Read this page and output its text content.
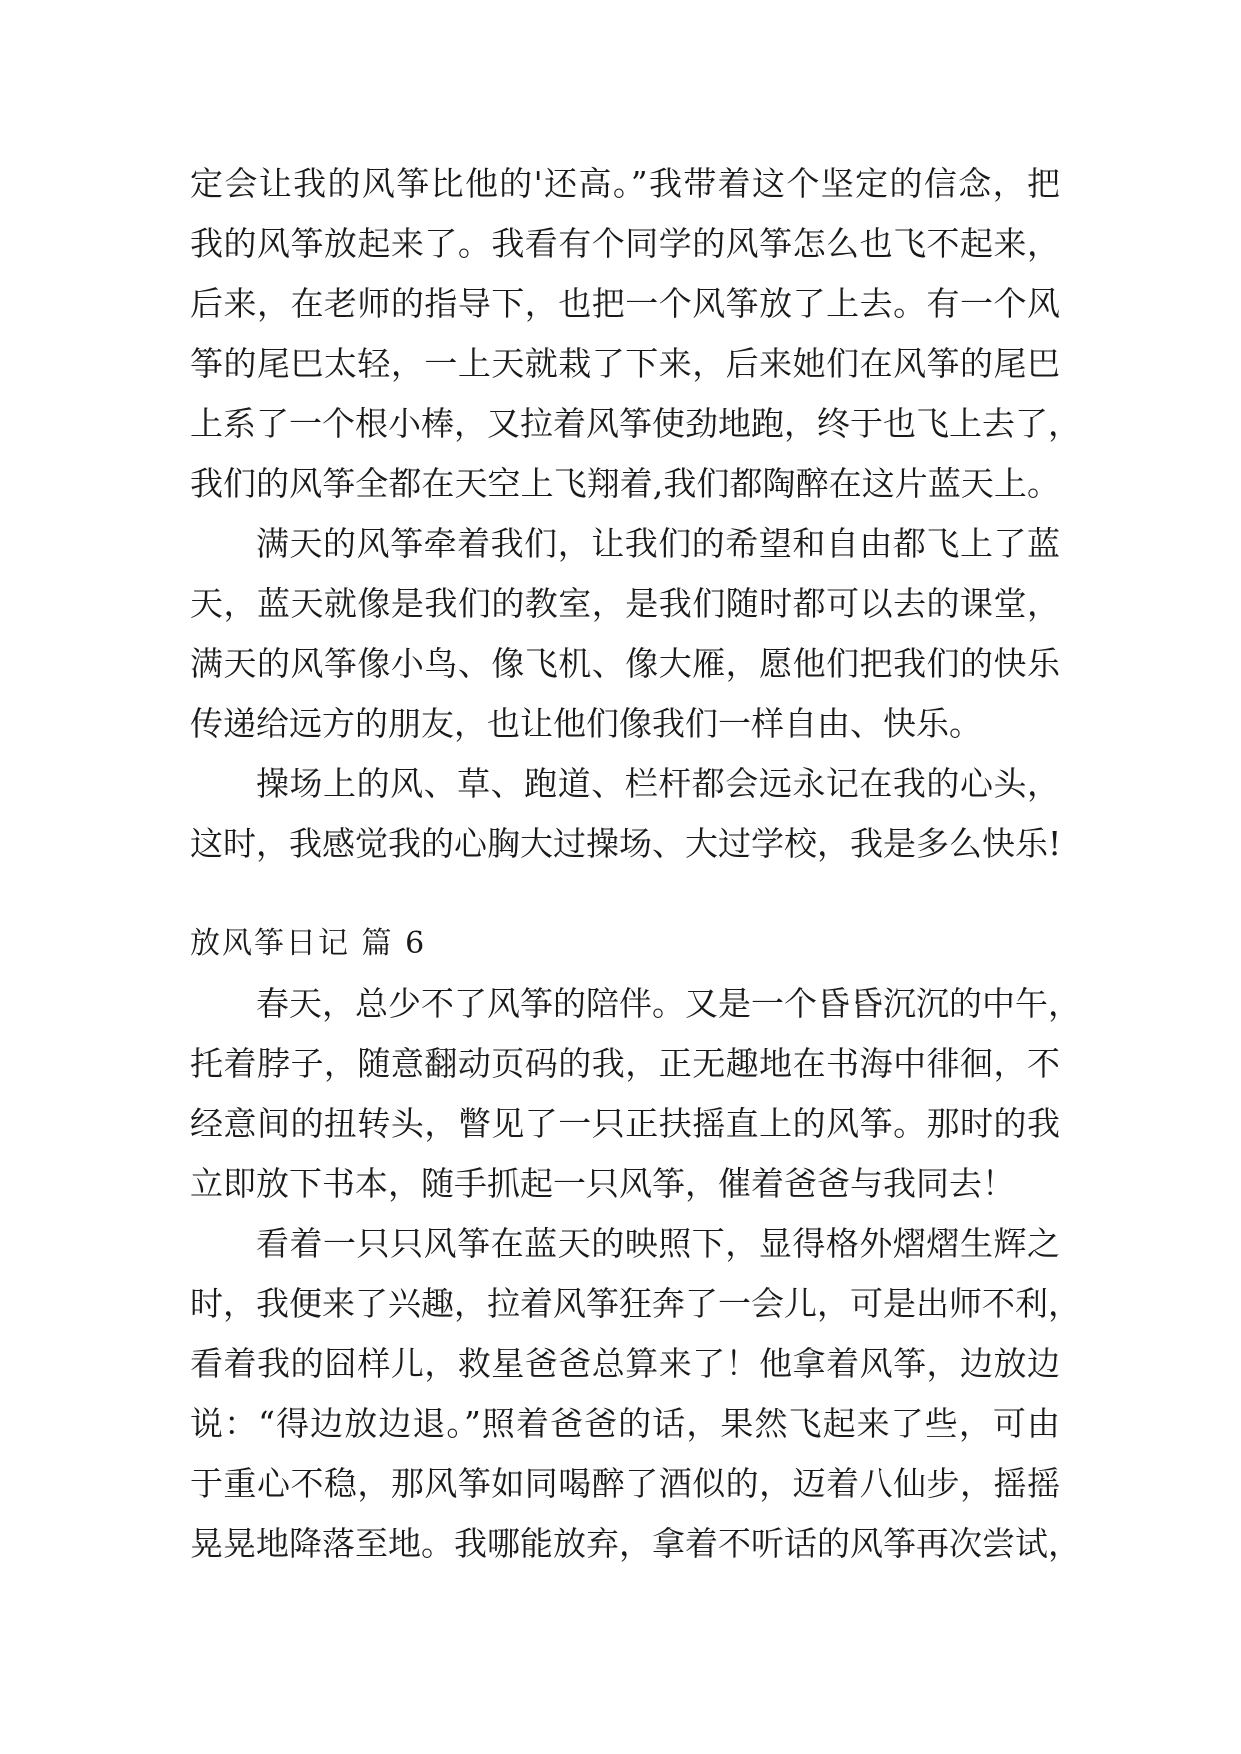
定会让我的风筝比他的'还高。”我带着这个坚定的信念，把
我的风筝放起来了。我看有个同学的风筝怎么也飞不起来，
后来，在老师的指导下，也把一个风筝放了上去。有一个风
筝的尾巴太轻，一上天就栽了下来，后来她们在风筝的尾巴
上系了一个根小棒，又拉着风筝使劲地跑，终于也飞上去了，
我们的风筝全都在天空上飞翔着,我们都陶醉在这片蓝天上。
满天的风筝牵着我们，让我们的希望和自由都飞上了蓝
天，蓝天就像是我们的教室，是我们随时都可以去的课堂，
满天的风筝像小鸟、像飞机、像大雁，愿他们把我们的快乐
传递给远方的朋友，也让他们像我们一样自由、快乐。
操场上的风、草、跑道、栏杆都会远永记在我的心头，
这时，我感觉我的心胸大过操场、大过学校，我是多么快乐!
放风筝日记 篇 6
春天，总少不了风筝的陪伴。又是一个昏昏沉沉的中午，
托着脖子，随意翻动页码的我，正无趣地在书海中徘徊，不
经意间的扭转头，瞥见了一只正扶摇直上的风筝。那时的我
立即放下书本，随手抓起一只风筝，催着爸爸与我同去！
看着一只只风筝在蓝天的映照下，显得格外熠熠生辉之
时，我便来了兴趣，拉着风筝狂奔了一会儿，可是出师不利，
看着我的囧样儿，救星爸爸总算来了！他拿着风筝，边放边
说：“得边放边退。”照着爸爸的话，果然飞起来了些，可由
于重心不稳，那风筝如同喝醉了酒似的，迈着八仙步，摇摇
晃晃地降落至地。我哪能放弃，拿着不听话的风筝再次尝试，
